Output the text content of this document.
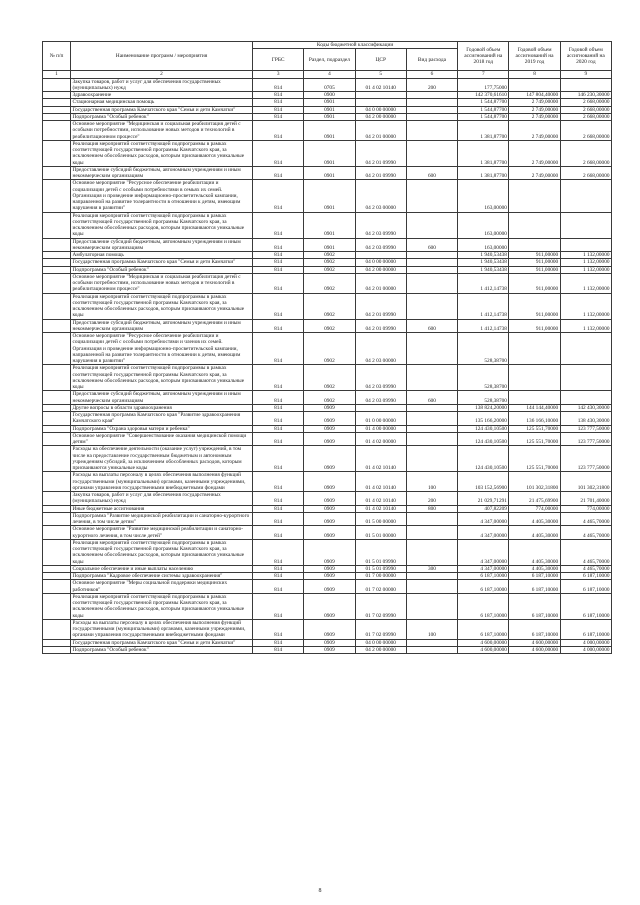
№ п/п	Наименование программ / мероприятия	Коды бюджетной классификации				Годовой объем ассигнований на 2018 год	Годовой объем ассигнований на 2019 год	Годовой объем ассигнований на 2020 год
		ГРБС	Раздел, подраздел	ЦСР	Вид расхода			
1	2	3	4	5	6	7	8	9
	Закупка товаров, работ и услуг для обеспечения государственных (муниципальных) нужд	814	0705	01 4 02 10140	200	177,75000		
	Здравоохранение	814	0900			142 370,61610	147 804,40000	146 230,30000
	Стационарная медицинская помощь	814	0901			1 544,87700	2 749,00000	2 668,00000
	Государственная программа Камчатского края "Семья и дети Камчатки"	814	0901	04 0 00 00000		1 544,87700	2 749,00000	2 668,00000
	Подпрограмма "Особый ребенок"	814	0901	04 2 00 00000		1 544,87700	2 749,00000	2 668,00000
	Основное мероприятие "Медицинская и социальная реабилитация детей с особыми потребностями, использование новых методов и технологий в реабилитационном процессе"	814	0901	04 2 01 00000		1 381,87700	2 749,00000	2 668,00000
	Реализация мероприятий соответствующей подпрограммы в рамках соответствующей государственной программы Камчатского края, за исключением обособленных расходов, которым присваиваются уникальные коды	814	0901	04 2 01 09990		1 381,87700	2 749,00000	2 668,00000
	Предоставление субсидий бюджетным, автономным учреждениям и иным некоммерческим организациям	814	0901	04 2 01 09990	600	1 381,87700	2 749,00000	2 668,00000
	Основное мероприятие "Ресурсное обеспечение реабилитации и социализации детей с особыми потребностями в семьях их семей. Организация и проведение информационно-просветительской кампании, направленной на развитие толерантности в отношении к детям, имеющим нарушения в развитии"	814	0901	04 2 03 00000		163,00000		
	Реализация мероприятий соответствующей подпрограммы в рамках соответствующей государственной программы Камчатского края, за исключением обособленных расходов, которым присваиваются уникальные коды	814	0901	04 2 03 09990		163,00000		
	Предоставление субсидий бюджетным, автономным учреждениям и иным некоммерческим организациям	814	0901	04 2 03 09990	600	163,00000		
	Амбулаторная помощь	814	0902			1 940,53438	911,00000	1 132,00000
	Государственная программа Камчатского края "Семья и дети Камчатки"	814	0902	04 0 00 00000		1 940,53438	911,00000	1 132,00000
	Подпрограмма "Особый ребенок"	814	0902	04 2 00 00000		1 940,53438	911,00000	1 132,00000
	Основное мероприятие "Медицинская и социальная реабилитация детей с особыми потребностями, использование новых методов и технологий в реабилитационном процессе"	814	0902	04 2 01 00000		1 412,14738	911,00000	1 132,00000
	Реализация мероприятий соответствующей подпрограммы в рамках соответствующей государственной программы Камчатского края, за исключением обособленных расходов, которым присваиваются уникальные коды	814	0902	04 2 01 09990		1 412,14738	911,00000	1 132,00000
	Предоставление субсидий бюджетным, автономным учреждениям и иным некоммерческим организациям	814	0902	04 2 01 09990	600	1 412,14738	911,00000	1 132,00000
	Основное мероприятие "Ресурсное обеспечение реабилитации и социализации детей с особыми потребностями и членов их семей. Организация и проведение информационно-просветительской кампании, направленной на развитие толерантности в отношении к детям, имеющим нарушения в развитии"	814	0902	04 2 03 00000		528,38700		
	Реализация мероприятий соответствующей подпрограммы в рамках соответствующей государственной программы Камчатского края, за исключением обособленных расходов, которым присваиваются уникальные коды	814	0902	04 2 03 09990		528,38700		
	Предоставление субсидий бюджетным, автономным учреждениям и иным некоммерческим организациям	814	0902	04 2 03 09990	600	528,38700		
	Другие вопросы в области здравоохранения	814	0909			138 824,20000	144 144,40000	142 430,30000
	Государственная программа Камчатского края "Развитие здравоохранения Камчатского края"	814	0909	01 0 00 00000		135 166,20000	136 166,10000	138 430,30000
	Подпрограмма "Охрана здоровья матери и ребенка"	814	0909	01 4 00 00000		124 430,10500	125 551,70000	123 777,50000
	Основное мероприятие "Совершенствование оказания медицинской помощи детям"	814	0909	01 4 02 00000		124 430,10500	125 551,70000	123 777,50000
	Расходы на обеспечение деятельности (оказание услуг) учреждений, в том числе на предоставление государственным бюджетным и автономным учреждениям субсидий, за исключением обособленных расходов, которым присваиваются уникальные коды	814	0909	01 4 02 10140		124 430,10500	125 551,70000	123 777,50000
	Расходы на выплаты персоналу в целях обеспечения выполнения функций государственными (муниципальными) органами, казенными учреждениями, органами управления государственными внебюджетными фондами	814	0909	01 4 02 10140	100	103 152,56900	101 302,31800	101 302,31800
	Закупка товаров, работ и услуг для обеспечения государственных (муниципальных) нужд	814	0909	01 4 02 10140	200	21 029,71291	21 475,69900	21 701,40000
	Иные бюджетные ассигнования	814	0909	01 4 02 10140	800	407,82209	774,00000	774,00000
	Подпрограмма "Развитие медицинской реабилитации и санаторно-курортного лечения, в том числе детям"	814	0909	01 5 00 00000		4 347,00000	4 405,30000	4 465,70000
	Основное мероприятие "Развитие медицинской реабилитации и санаторно-курортного лечения, в том числе детей"	814	0909	01 5 01 00000		4 347,00000	4 405,30000	4 465,70000
	Реализация мероприятий соответствующей подпрограммы в рамках соответствующей государственной программы Камчатского края, за исключением обособленных расходов, которым присваиваются уникальные коды	814	0909	01 5 01 09990		4 347,00000	4 405,30000	4 465,70000
	Социальное обеспечение и иные выплаты населению	814	0909	01 5 01 09990	300	4 347,00000	4 405,30000	4 465,70000
	Подпрограмма "Кадровое обеспечение системы здравоохранения"	814	0909	01 7 00 00000		6 187,10000	6 187,10000	6 187,10000
	Основное мероприятие "Меры социальной поддержки медицинских работников"	814	0909	01 7 02 00000		6 187,10000	6 187,10000	6 187,10000
	Реализация мероприятий соответствующей подпрограммы в рамках соответствующей государственной программы Камчатского края, за исключением обособленных расходов, которым присваиваются уникальные коды	814	0909	01 7 02 09990		6 187,10000	6 187,10000	6 187,10000
	Расходы на выплаты персоналу в целях обеспечения выполнения функций государственными (муниципальными) органами, казенными учреждениями, органами управления государственными внебюджетными фондами	814	0909	01 7 02 09990	100	6 187,10000	6 187,10000	6 187,10000
	Государственная программа Камчатского края "Семья и дети Камчатки"	814	0909	04 0 00 00000		4 600,00000	4 600,00000	4 000,00000
	Подпрограмма "Особый ребенок"	814	0909	04 2 00 00000		4 600,00000	4 600,00000	4 000,00000
8
